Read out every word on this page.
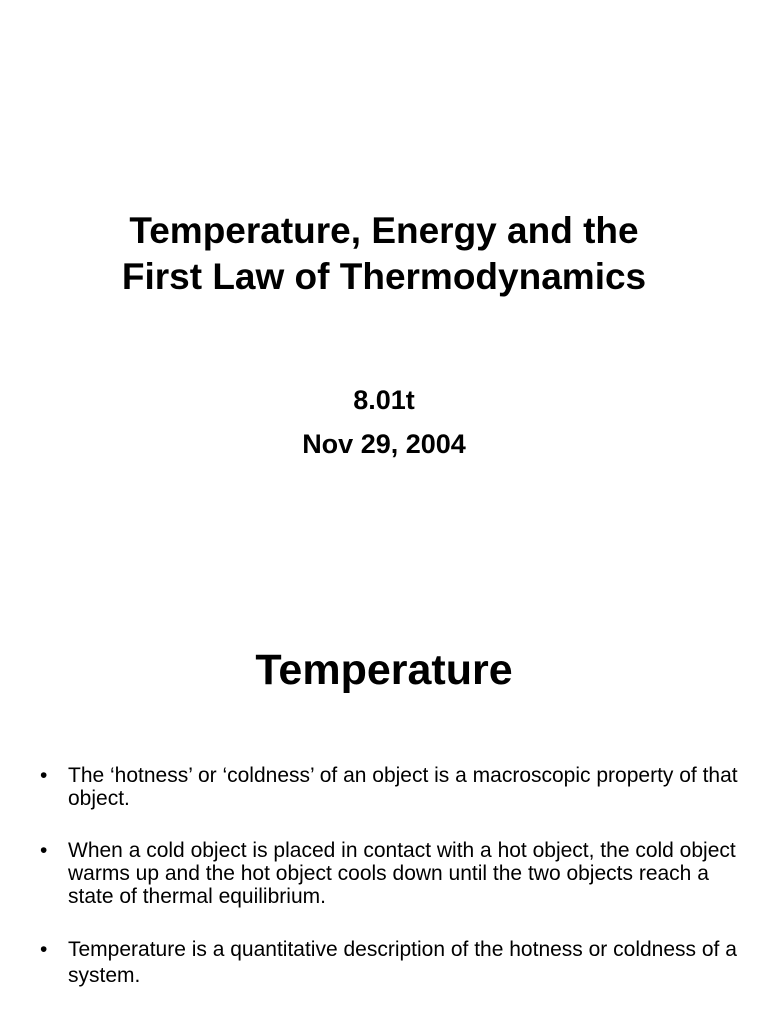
Temperature, Energy and the
First Law of Thermodynamics
8.01t
Nov 29, 2004
Temperature
• The ‘hotness’ or ‘coldness’ of an object is a macroscopic property of that object.
• When a cold object is placed in contact with a hot object, the cold object warms up and the hot object cools down until the two objects reach a state of thermal equilibrium.
• Temperature is a quantitative description of the hotness or coldness of a system.
